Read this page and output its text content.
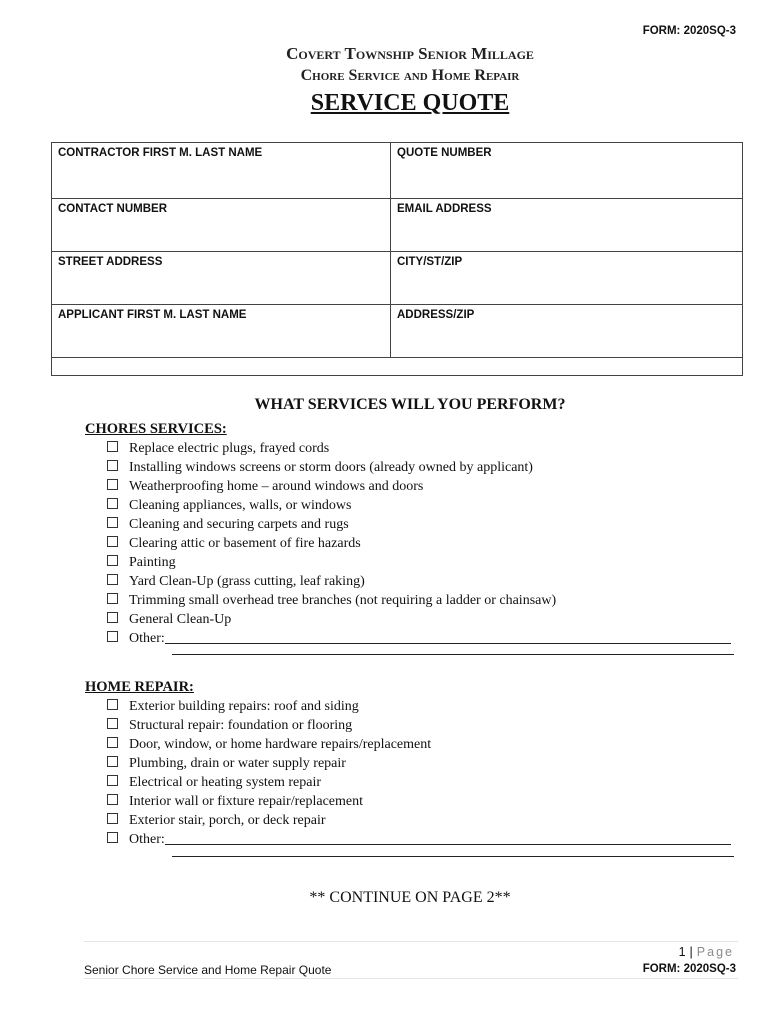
FORM: 2020SQ-3
Covert Township Senior Millage
Chore Service and Home Repair
SERVICE QUOTE
CONTRACTOR FIRST M. LAST NAME	QUOTE NUMBER
CONTACT NUMBER	EMAIL ADDRESS
STREET ADDRESS	CITY/ST/ZIP
APPLICANT FIRST M. LAST NAME	ADDRESS/ZIP

WHAT SERVICES WILL YOU PERFORM?
CHORES SERVICES:
Replace electric plugs, frayed cords
Installing windows screens or storm doors (already owned by applicant)
Weatherproofing home – around windows and doors
Cleaning appliances, walls, or windows
Cleaning and securing carpets and rugs
Clearing attic or basement of fire hazards
Painting
Yard Clean-Up (grass cutting, leaf raking)
Trimming small overhead tree branches (not requiring a ladder or chainsaw)
General Clean-Up
Other:
HOME REPAIR:
Exterior building repairs: roof and siding
Structural repair: foundation or flooring
Door, window, or home hardware repairs/replacement
Plumbing, drain or water supply repair
Electrical or heating system repair
Interior wall or fixture repair/replacement
Exterior stair, porch, or deck repair
Other:
** CONTINUE ON PAGE 2**
1 | Page
Senior Chore Service and Home Repair Quote	FORM: 2020SQ-3
